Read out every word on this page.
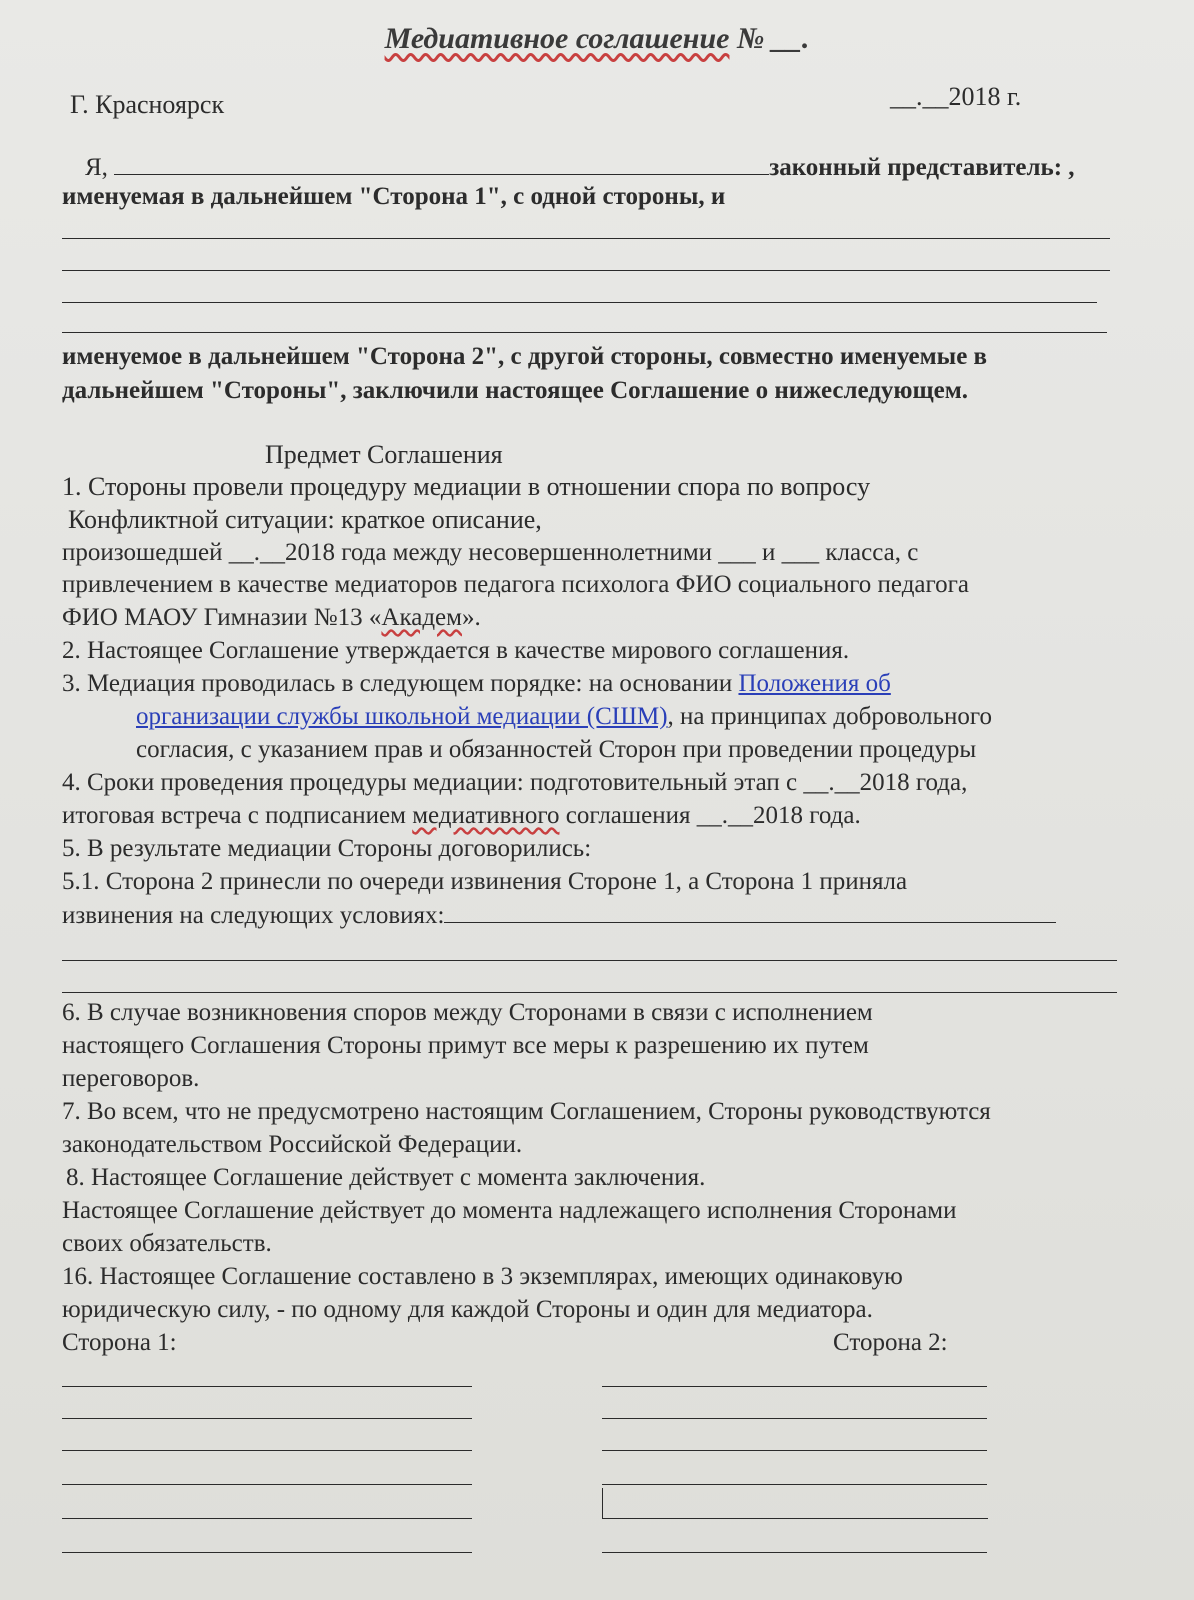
Медиативное соглашение № __.
Г. Красноярск	__.__2018 г.
Я,	законный представитель: ,
именуемая в дальнейшем "Сторона 1", с одной стороны, и
именуемое в дальнейшем "Сторона 2", с другой стороны, совместно именуемые в
дальнейшем "Стороны", заключили настоящее Соглашение о нижеследующем.
Предмет Соглашения
1. Стороны провели процедуру медиации в отношении спора по вопросу
Конфликтной ситуации: краткое описание,
произошедшей __.__2018 года между несовершеннолетними ___ и ___ класса, с
привлечением в качестве медиаторов педагога психолога ФИО социального педагога
ФИО МАОУ Гимназии №13 «Академ».
2. Настоящее Соглашение утверждается в качестве мирового соглашения.
3. Медиация проводилась в следующем порядке: на основании Положения об
организации службы школьной медиации (СШМ), на принципах добровольного
согласия, с указанием прав и обязанностей Сторон при проведении процедуры
4. Сроки проведения процедуры медиации: подготовительный этап с __.__2018 года,
итоговая встреча с подписанием медиативного соглашения __.__2018 года.
5. В результате медиации Стороны договорились:
5.1. Сторона 2 принесли по очереди извинения Стороне 1, а Сторона 1 приняла
извинения на следующих условиях:
6. В случае возникновения споров между Сторонами в связи с исполнением
настоящего Соглашения Стороны примут все меры к разрешению их путем
переговоров.
7. Во всем, что не предусмотрено настоящим Соглашением, Стороны руководствуются
законодательством Российской Федерации.
8. Настоящее Соглашение действует с момента заключения.
Настоящее Соглашение действует до момента надлежащего исполнения Сторонами
своих обязательств.
16. Настоящее Соглашение составлено в 3 экземплярах, имеющих одинаковую
юридическую силу, - по одному для каждой Стороны и один для медиатора.
Сторона 1:	Сторона 2:
